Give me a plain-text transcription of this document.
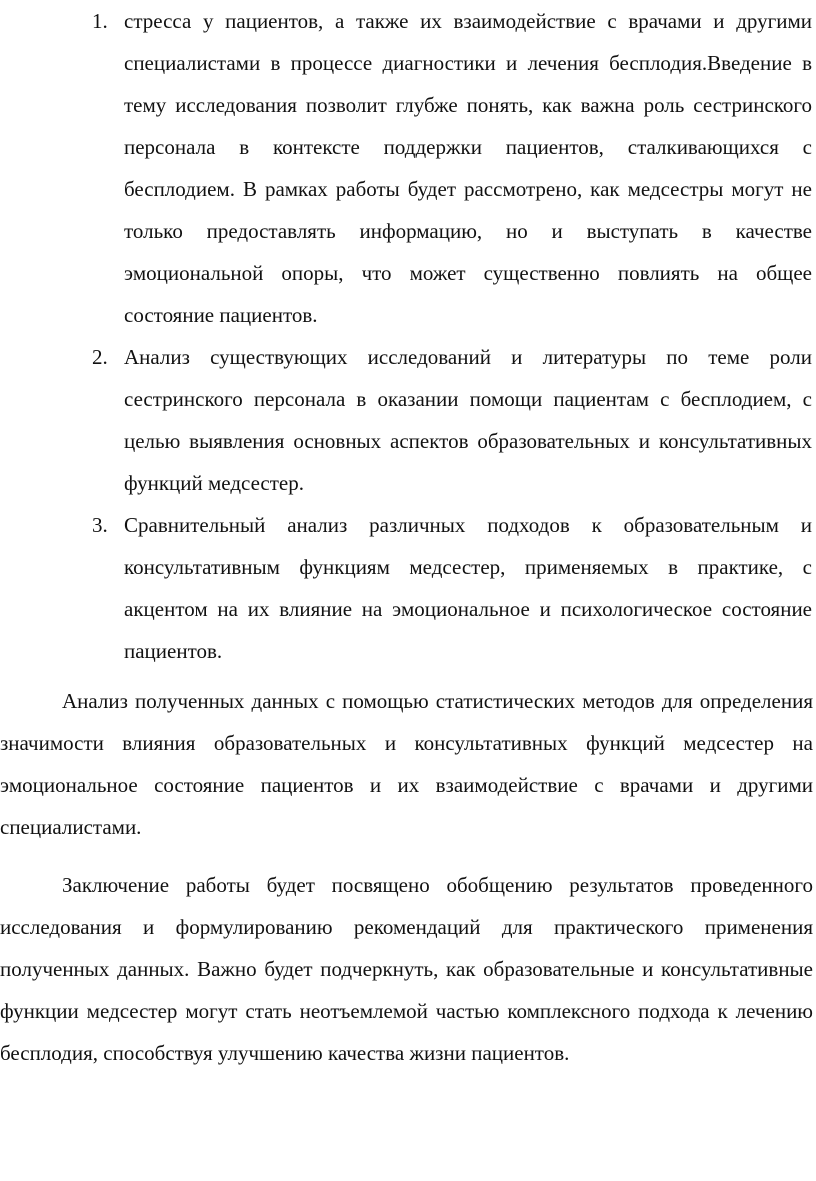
1. стресса у пациентов, а также их взаимодействие с врачами и другими специалистами в процессе диагностики и лечения бесплодия.Введение в тему исследования позволит глубже понять, как важна роль сестринского персонала в контексте поддержки пациентов, сталкивающихся с бесплодием. В рамках работы будет рассмотрено, как медсестры могут не только предоставлять информацию, но и выступать в качестве эмоциональной опоры, что может существенно повлиять на общее состояние пациентов.

2. Анализ существующих исследований и литературы по теме роли сестринского персонала в оказании помощи пациентам с бесплодием, с целью выявления основных аспектов образовательных и консультативных функций медсестер.

3. Сравнительный анализ различных подходов к образовательным и консультативным функциям медсестер, применяемых в практике, с акцентом на их влияние на эмоциональное и психологическое состояние пациентов.

Анализ полученных данных с помощью статистических методов для определения значимости влияния образовательных и консультативных функций медсестер на эмоциональное состояние пациентов и их взаимодействие с врачами и другими специалистами.

Заключение работы будет посвящено обобщению результатов проведенного исследования и формулированию рекомендаций для практического применения полученных данных. Важно будет подчеркнуть, как образовательные и консультативные функции медсестер могут стать неотъемлемой частью комплексного подхода к лечению бесплодия, способствуя улучшению качества жизни пациентов.
